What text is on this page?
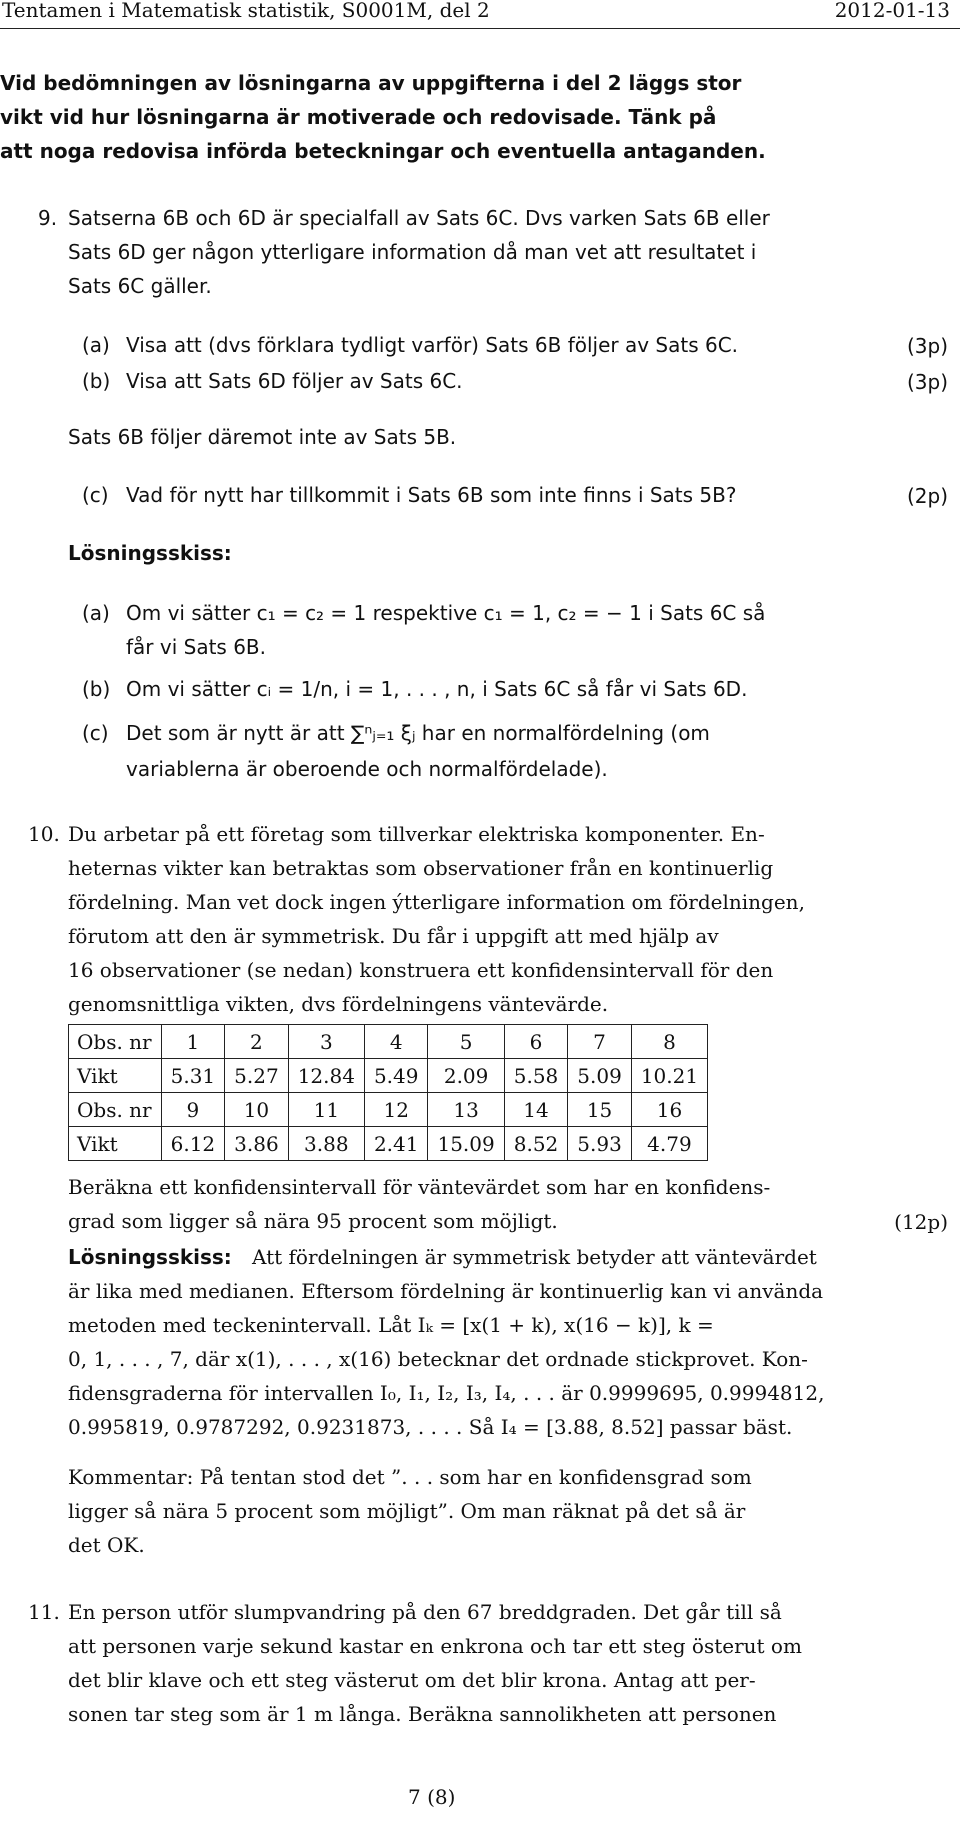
Tentamen i Matematisk statistik, S0001M, del 2	2012-01-13
Vid bedömningen av lösningarna av uppgifterna i del 2 läggs stor
vikt vid hur lösningarna är motiverade och redovisade. Tänk på
att noga redovisa införda beteckningar och eventuella antaganden.
9. Satserna 6B och 6D är specialfall av Sats 6C. Dvs varken Sats 6B eller
Sats 6D ger någon ytterligare information då man vet att resultatet i
Sats 6C gäller.
(a) Visa att (dvs förklara tydligt varför) Sats 6B följer av Sats 6C.	(3p)
(b) Visa att Sats 6D följer av Sats 6C.	(3p)
Sats 6B följer däremot inte av Sats 5B.
(c) Vad för nytt har tillkommit i Sats 6B som inte finns i Sats 5B?	(2p)
Lösningsskiss:
(a) Om vi sätter c₁ = c₂ = 1 respektive c₁ = 1, c₂ = − 1 i Sats 6C så
får vi Sats 6B.
(b) Om vi sätter cᵢ = 1/n, i = 1, . . . , n, i Sats 6C så får vi Sats 6D.
(c) Det som är nytt är att ∑ⁿⱼ₌₁ ξⱼ har en normalfördelning (om
variablerna är oberoende och normalfördelade).
10. Du arbetar på ett företag som tillverkar elektriska komponenter. En-
heternas vikter kan betraktas som observationer från en kontinuerlig
fördelning. Man vet dock ingen ýtterligare information om fördelningen,
förutom att den är symmetrisk. Du får i uppgift att med hjälp av
16 observationer (se nedan) konstruera ett konfidensintervall för den
genomsnittliga vikten, dvs fördelningens väntevärde.
Obs. nr	1	2	3	4	5	6	7	8
Vikt	5.31	5.27	12.84	5.49	2.09	5.58	5.09	10.21
Obs. nr	9	10	11	12	13	14	15	16
Vikt	6.12	3.86	3.88	2.41	15.09	8.52	5.93	4.79
Beräkna ett konfidensintervall för väntevärdet som har en konfidens-
grad som ligger så nära 95 procent som möjligt.	(12p)
Lösningsskiss: Att fördelningen är symmetrisk betyder att väntevärdet
är lika med medianen. Eftersom fördelning är kontinuerlig kan vi använda
metoden med teckenintervall. Låt Iₖ = [x(1 + k), x(16 − k)], k =
0, 1, . . . , 7, där x(1), . . . , x(16) betecknar det ordnade stickprovet. Kon-
fidensgraderna för intervallen I₀, I₁, I₂, I₃, I₄, . . . är 0.9999695, 0.9994812,
0.995819, 0.9787292, 0.9231873, . . . . Så I₄ = [3.88, 8.52] passar bäst.
Kommentar: På tentan stod det ”. . . som har en konfidensgrad som
ligger så nära 5 procent som möjligt”. Om man räknat på det så är
det OK.
11. En person utför slumpvandring på den 67 breddgraden. Det går till så
att personen varje sekund kastar en enkrona och tar ett steg österut om
det blir klave och ett steg västerut om det blir krona. Antag att per-
sonen tar steg som är 1 m långa. Beräkna sannolikheten att personen
7 (8)
